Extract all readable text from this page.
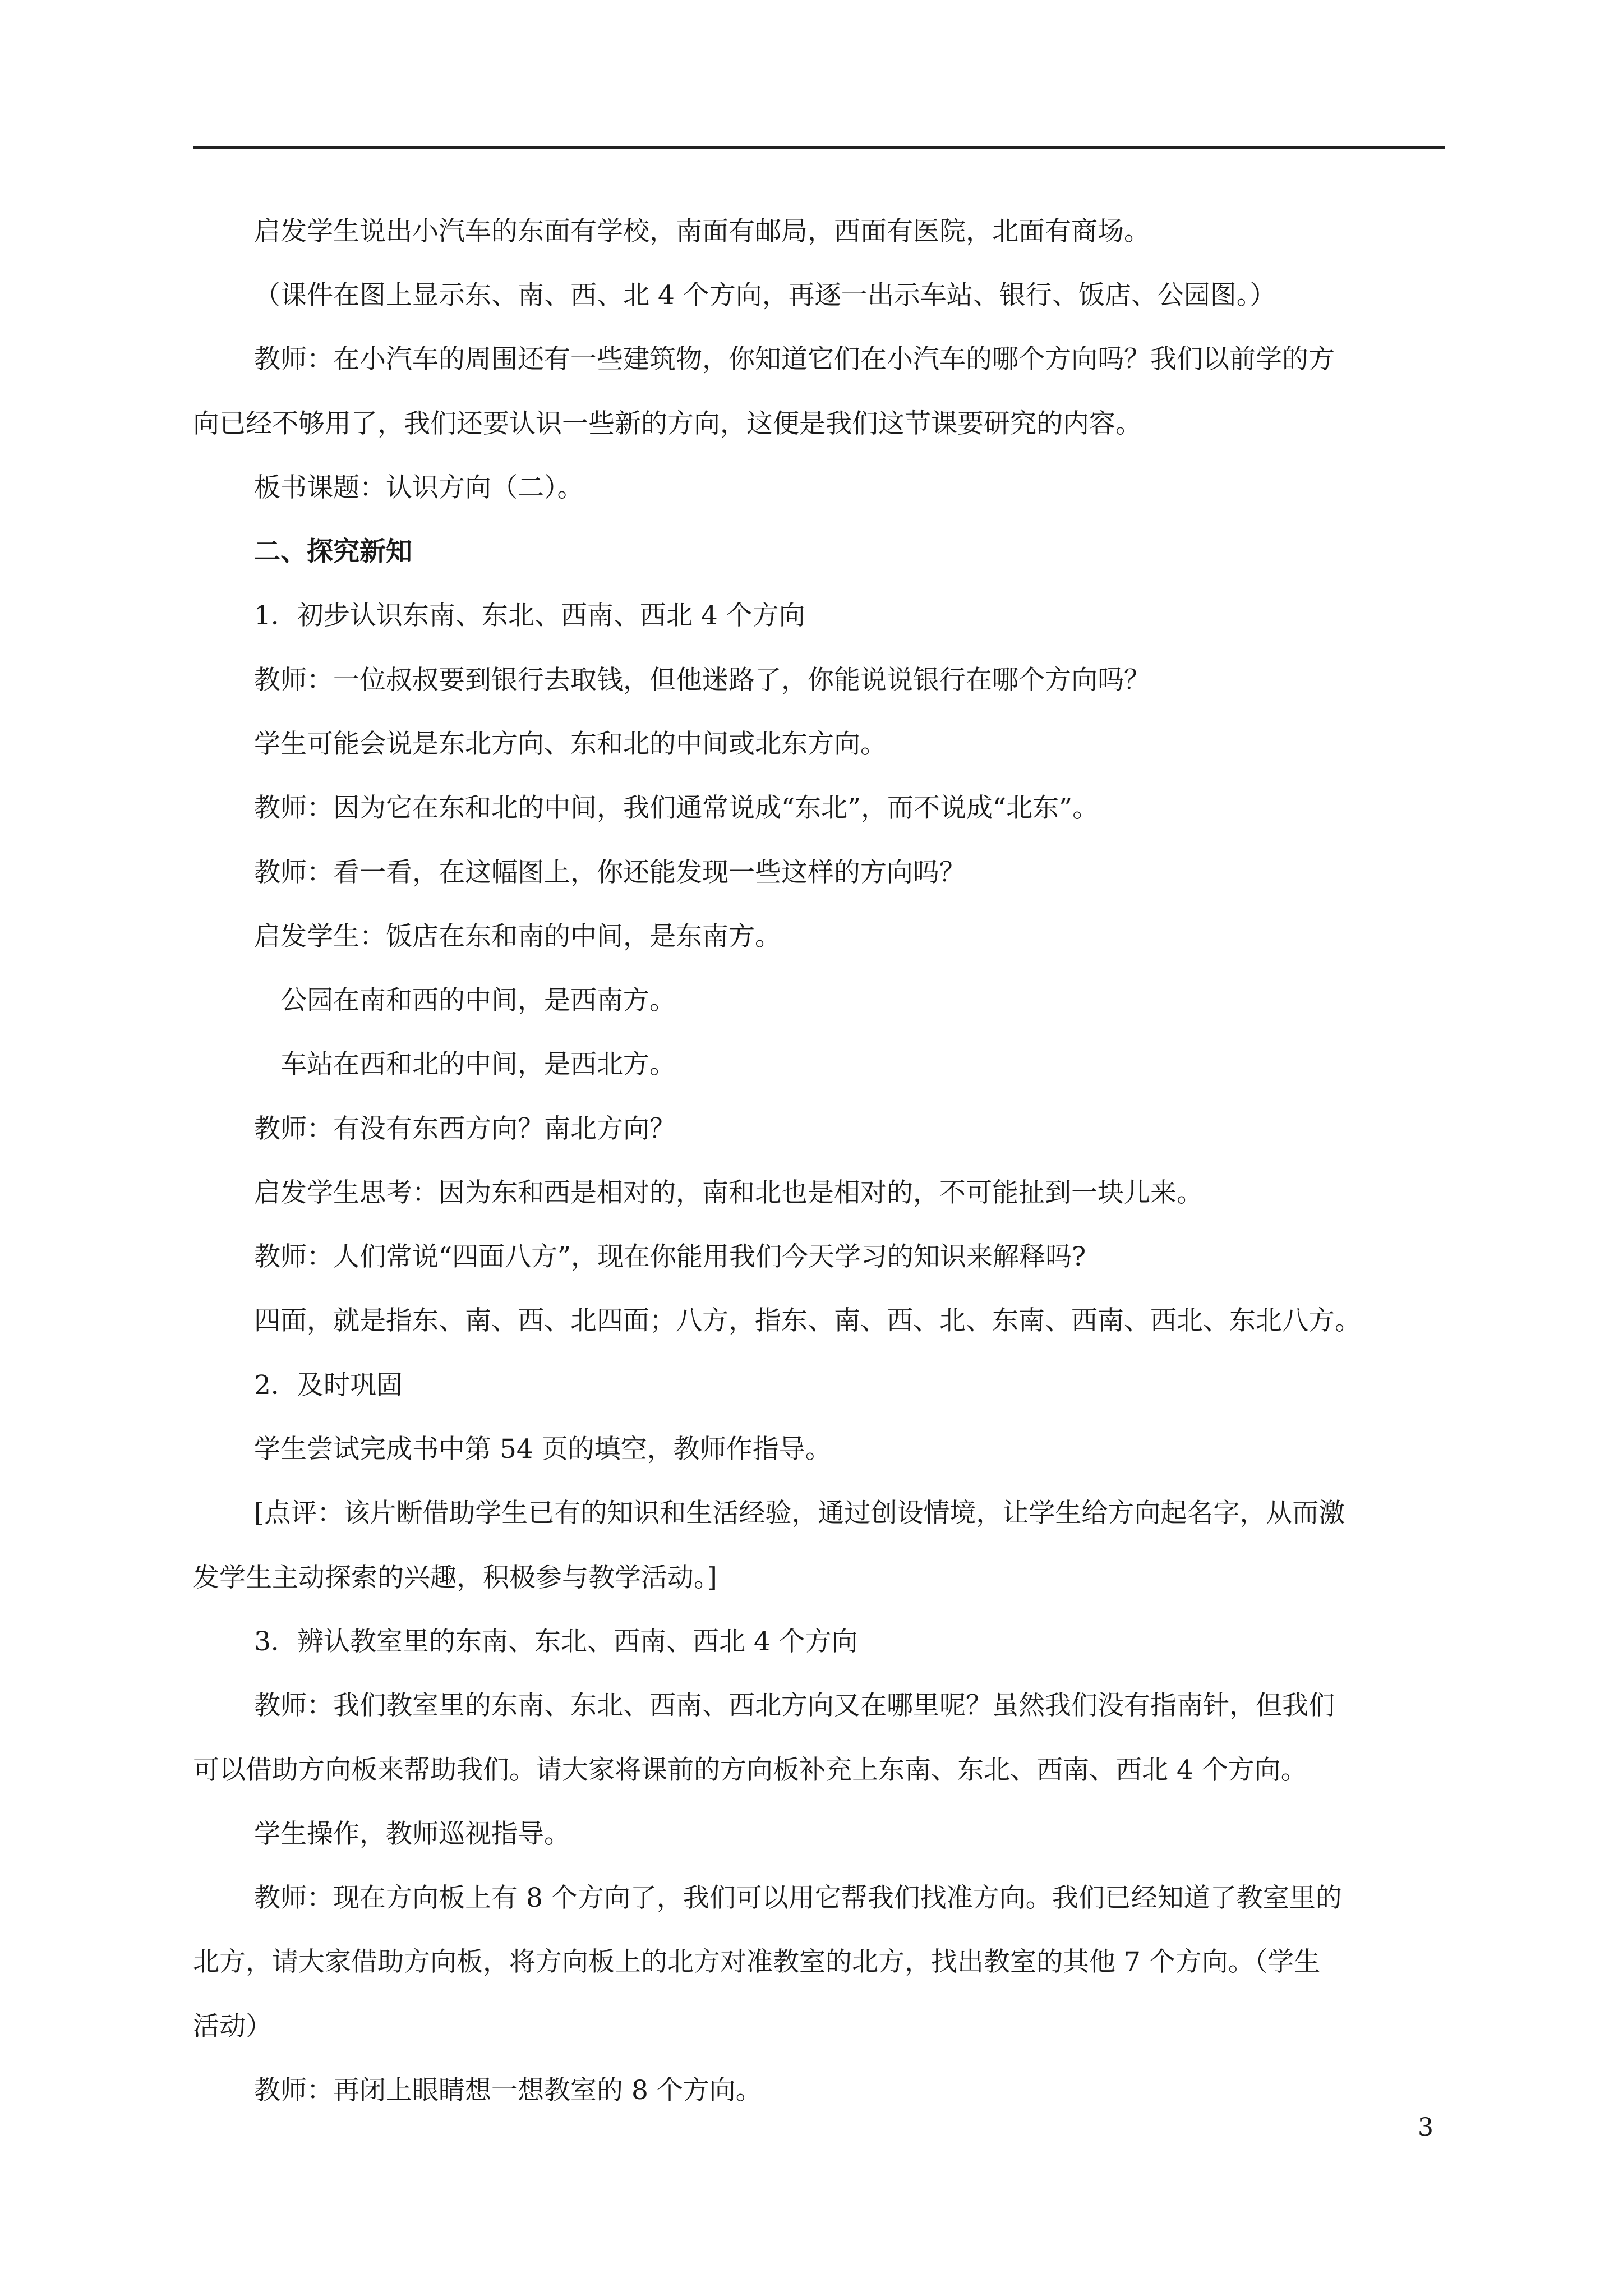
启发学生说出小汽车的东面有学校，南面有邮局，西面有医院，北面有商场。
（课件在图上显示东、南、西、北 4 个方向，再逐一出示车站、银行、饭店、公园图。）
教师：在小汽车的周围还有一些建筑物，你知道它们在小汽车的哪个方向吗？我们以前学的方
向已经不够用了，我们还要认识一些新的方向，这便是我们这节课要研究的内容。
板书课题：认识方向（二）。
二、探究新知
1．初步认识东南、东北、西南、西北 4 个方向
教师：一位叔叔要到银行去取钱，但他迷路了，你能说说银行在哪个方向吗？
学生可能会说是东北方向、东和北的中间或北东方向。
教师：因为它在东和北的中间，我们通常说成“东北”，而不说成“北东”。
教师：看一看，在这幅图上，你还能发现一些这样的方向吗？
启发学生：饭店在东和南的中间，是东南方。
公园在南和西的中间，是西南方。
车站在西和北的中间，是西北方。
教师：有没有东西方向？南北方向？
启发学生思考：因为东和西是相对的，南和北也是相对的，不可能扯到一块儿来。
教师：人们常说“四面八方”，现在你能用我们今天学习的知识来解释吗?
四面，就是指东、南、西、北四面；八方，指东、南、西、北、东南、西南、西北、东北八方。
2．及时巩固
学生尝试完成书中第 54 页的填空，教师作指导。
[点评：该片断借助学生已有的知识和生活经验，通过创设情境，让学生给方向起名字，从而激
发学生主动探索的兴趣，积极参与教学活动。]
3．辨认教室里的东南、东北、西南、西北 4 个方向
教师：我们教室里的东南、东北、西南、西北方向又在哪里呢？虽然我们没有指南针，但我们
可以借助方向板来帮助我们。请大家将课前的方向板补充上东南、东北、西南、西北 4 个方向。
学生操作，教师巡视指导。
教师：现在方向板上有 8 个方向了，我们可以用它帮我们找准方向。我们已经知道了教室里的
北方，请大家借助方向板，将方向板上的北方对准教室的北方，找出教室的其他 7 个方向。（学生
活动）
教师：再闭上眼睛想一想教室的 8 个方向。
3
